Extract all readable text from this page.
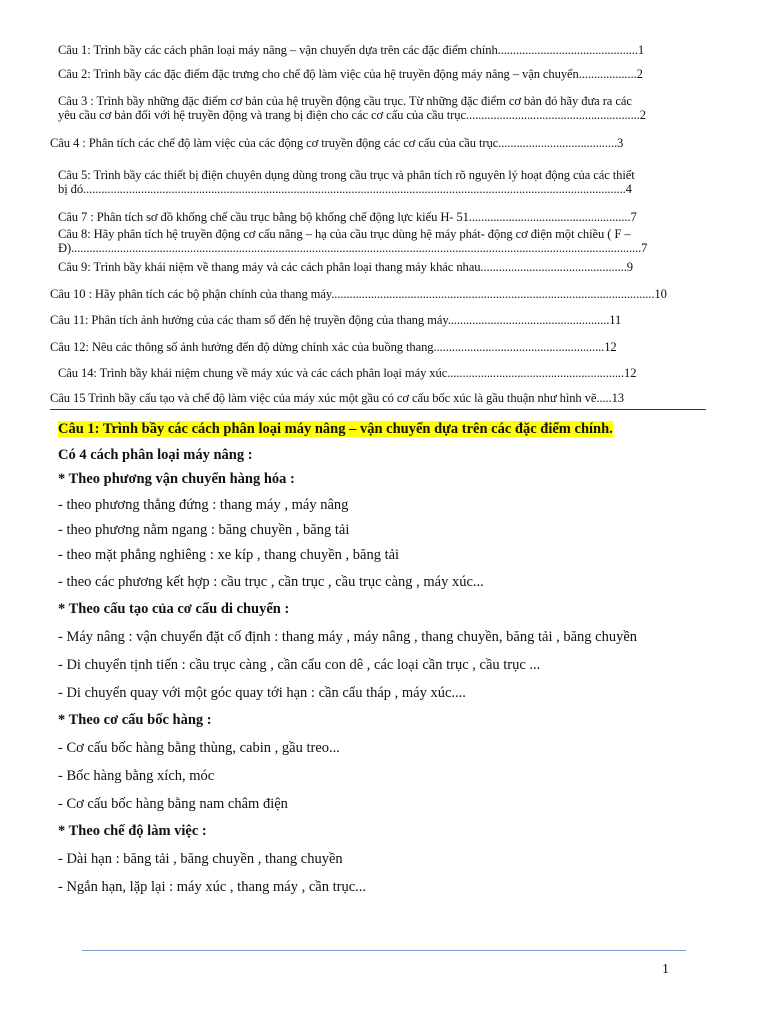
Câu 1: Trình bầy các cách phân loại máy nâng – vận chuyển dựa trên các đặc điểm chính..............................................1
Câu 2: Trình bầy các đặc điểm đặc trưng cho chế độ làm việc của hệ truyền động máy nâng – vận chuyển...................2
Câu 3 : Trình bầy những đặc điểm cơ bản của hệ truyền động cầu trục. Từ những đặc điểm cơ bản đó hãy đưa ra các
yêu cầu cơ bản đối với hệ truyền động và trang bị điện cho các cơ cấu của cầu trục.........................................................2
Câu 4 : Phân tích các chế độ làm việc của các động cơ truyền động các cơ cấu của cầu trục.......................................3
Câu 5: Trình bầy các thiết bị điện chuyên dụng dùng trong cầu trục và phân tích rõ nguyên lý hoạt động của các thiết
bị đó..................................................................................................................................................................................4
Câu 7 : Phân tích sơ đồ khống chế cầu trục bằng bộ khống chế động lực kiểu H- 51.....................................................7
Câu 8: Hãy phân tích hệ truyền động cơ cấu nâng – hạ của cầu trục dùng hệ máy phát- động cơ điện một chiều ( F –
Đ)...........................................................................................................................................................................................7
Câu 9: Trình bầy khái niệm về thang máy và các cách phân loại thang máy khác nhau................................................9
Câu 10 : Hãy phân tích các bộ phận chính của thang máy..........................................................................................................10
Câu 11: Phân tích ảnh hưởng của các tham số đến hệ truyền động của thang máy.....................................................11
Câu 12: Nêu các thông số ảnh hưởng đến độ dừng chính xác của buồng thang........................................................12
Câu 14: Trình bầy khái niệm chung về máy xúc và các cách phân loại máy xúc..........................................................12
Câu 15 Trình bầy cấu tạo và chế độ làm việc của máy xúc một gầu có cơ cấu bốc xúc là gầu thuận như hình vẽ.....13
Câu 1: Trình bầy các cách phân loại máy nâng – vận chuyển dựa trên các đặc điểm chính.
Có 4 cách phân loại máy nâng :
* Theo phương vận chuyển hàng hóa :
- theo phương thẳng đứng : thang máy , máy nâng
- theo phương nằm ngang : băng chuyền , băng tải
- theo mặt phẳng nghiêng : xe kíp , thang chuyền , băng tải
- theo các phương kết hợp : cầu trục , cần trục , cầu trục càng , máy xúc...
* Theo cấu tạo của cơ cấu di chuyển :
- Máy nâng : vận chuyển đặt cố định : thang máy , máy nâng , thang chuyền, băng tải , băng chuyền
- Di chuyển tịnh tiến : cầu trục càng , cần cẩu con dê , các loại cần trục , cầu trục ...
- Di chuyển quay với một góc quay tới hạn : cần cẩu tháp , máy xúc....
* Theo cơ cấu bốc hàng :
- Cơ cấu bốc hàng bằng thùng, cabin , gầu treo...
- Bốc hàng bằng xích, móc
- Cơ cấu bốc hàng bằng nam châm điện
* Theo chế độ làm việc :
- Dài hạn : băng tải , băng chuyền , thang chuyền
- Ngắn hạn, lặp lại : máy xúc , thang máy , cần trục...
1
